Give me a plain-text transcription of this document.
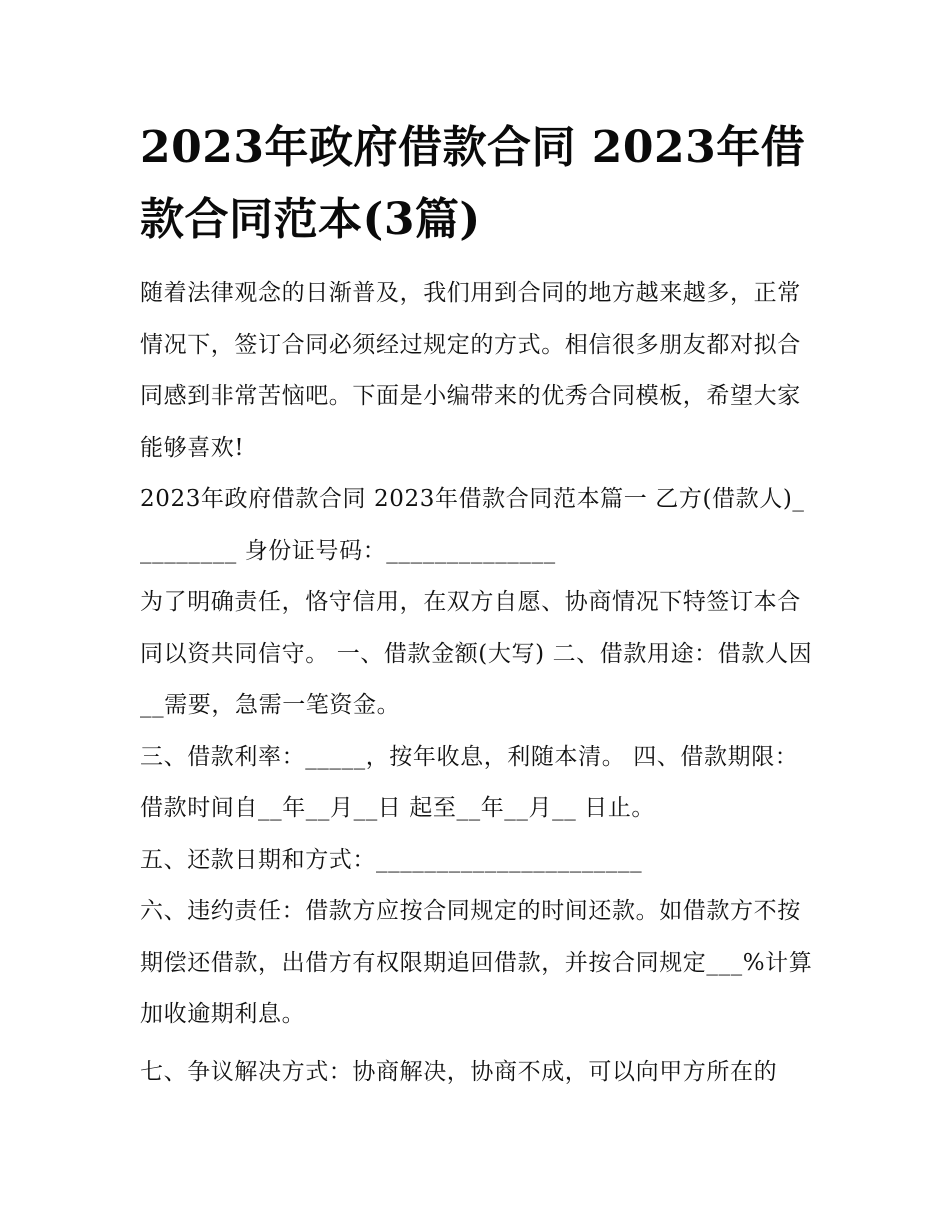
2023年政府借款合同 2023年借款合同范本(3篇)

随着法律观念的日渐普及，我们用到合同的地方越来越多，正常情况下，签订合同必须经过规定的方式。相信很多朋友都对拟合同感到非常苦恼吧。下面是小编带来的优秀合同模板，希望大家能够喜欢!

2023年政府借款合同 2023年借款合同范本篇一 乙方(借款人)_________ 身份证号码：______________

为了明确责任，恪守信用，在双方自愿、协商情况下特签订本合同以资共同信守。 一、借款金额(大写) 二、借款用途：借款人因__需要，急需一笔资金。

三、借款利率：_____，按年收息，利随本清。 四、借款期限：借款时间自__年__月__日 起至__年__月__ 日止。

五、还款日期和方式：______________________

六、违约责任：借款方应按合同规定的时间还款。如借款方不按期偿还借款，出借方有权限期追回借款，并按合同规定___%计算加收逾期利息。

七、争议解决方式：协商解决，协商不成，可以向甲方所在的
